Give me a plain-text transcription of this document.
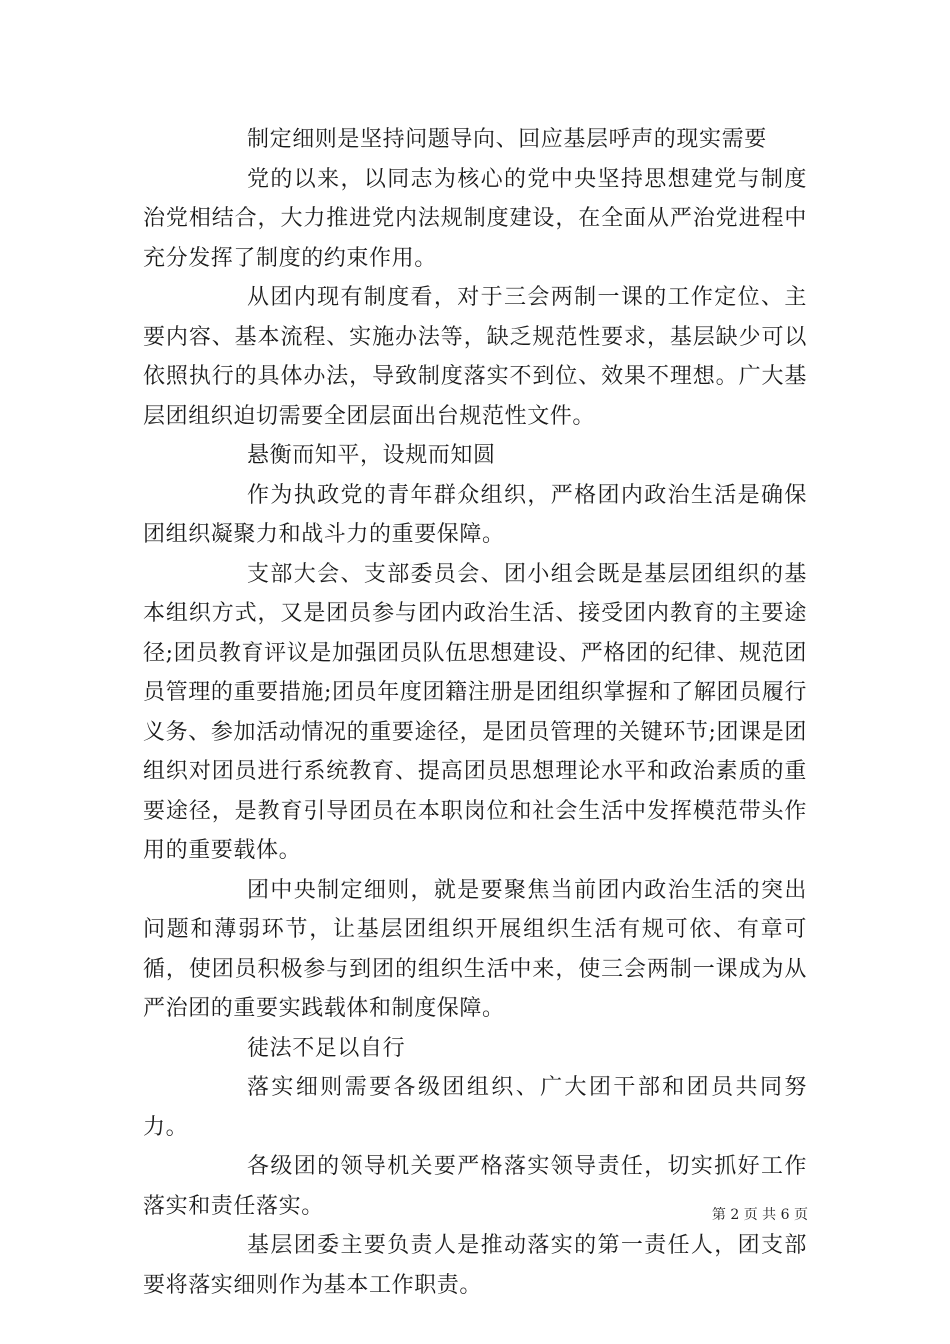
制定细则是坚持问题导向、回应基层呼声的现实需要

党的以来，以同志为核心的党中央坚持思想建党与制度治党相结合，大力推进党内法规制度建设，在全面从严治党进程中充分发挥了制度的约束作用。

从团内现有制度看，对于三会两制一课的工作定位、主要内容、基本流程、实施办法等，缺乏规范性要求，基层缺少可以依照执行的具体办法，导致制度落实不到位、效果不理想。广大基层团组织迫切需要全团层面出台规范性文件。

悬衡而知平，设规而知圆

作为执政党的青年群众组织，严格团内政治生活是确保团组织凝聚力和战斗力的重要保障。

支部大会、支部委员会、团小组会既是基层团组织的基本组织方式，又是团员参与团内政治生活、接受团内教育的主要途径;团员教育评议是加强团员队伍思想建设、严格团的纪律、规范团员管理的重要措施;团员年度团籍注册是团组织掌握和了解团员履行义务、参加活动情况的重要途径，是团员管理的关键环节;团课是团组织对团员进行系统教育、提高团员思想理论水平和政治素质的重要途径，是教育引导团员在本职岗位和社会生活中发挥模范带头作用的重要载体。

团中央制定细则，就是要聚焦当前团内政治生活的突出问题和薄弱环节，让基层团组织开展组织生活有规可依、有章可循，使团员积极参与到团的组织生活中来，使三会两制一课成为从严治团的重要实践载体和制度保障。

徒法不足以自行

落实细则需要各级团组织、广大团干部和团员共同努力。

各级团的领导机关要严格落实领导责任，切实抓好工作落实和责任落实。

基层团委主要负责人是推动落实的第一责任人，团支部要将落实细则作为基本工作职责。

第 2 页 共 6 页
